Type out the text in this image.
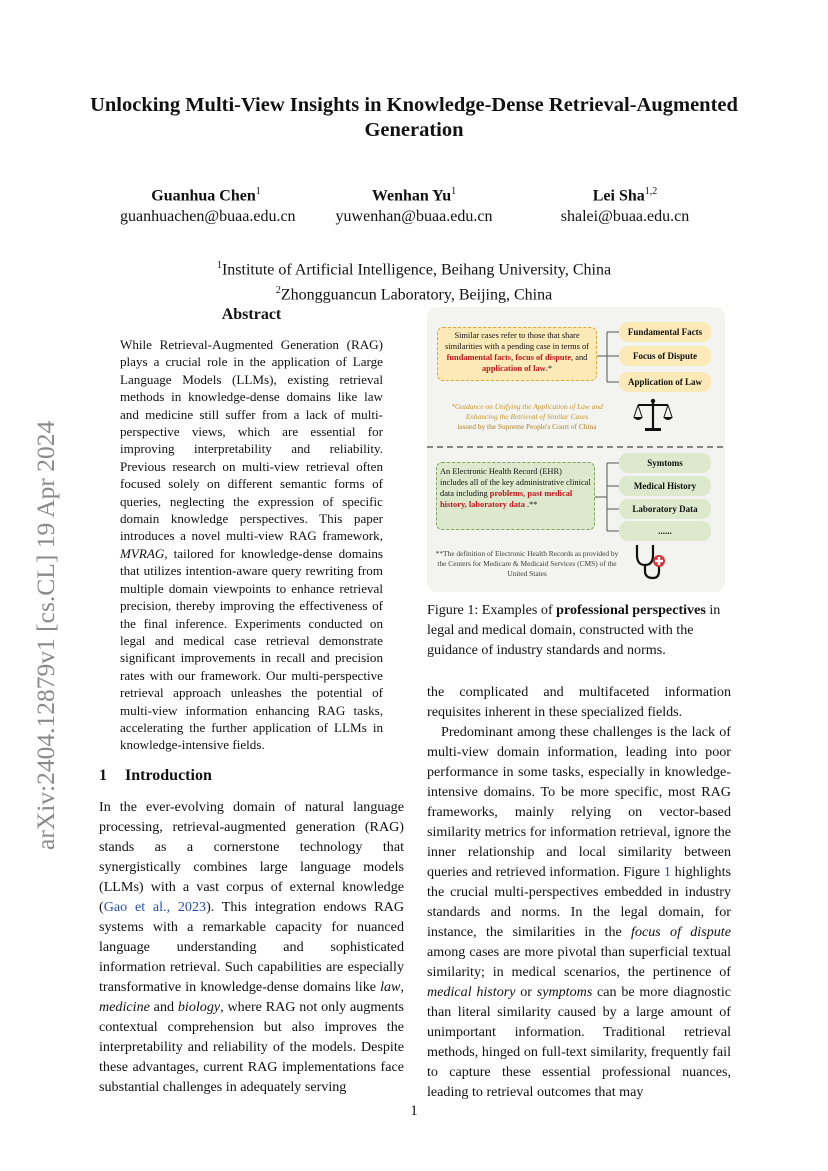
arXiv:2404.12879v1 [cs.CL] 19 Apr 2024
Unlocking Multi-View Insights in Knowledge-Dense Retrieval-Augmented
Generation
Guanhua Chen$^1$
guanhuachen@buaa.edu.cn
Wenhan Yu$^1$
yuwenhan@buaa.edu.cn
Lei Sha$^{1,2}$
shalei@buaa.edu.cn
$^1$Institute of Artificial Intelligence, Beihang University, China
$^2$Zhongguancun Laboratory, Beijing, China
Abstract
While Retrieval-Augmented Generation (RAG) plays a crucial role in the application of Large Language Models (LLMs), existing retrieval methods in knowledge-dense domains like law and medicine still suffer from a lack of multi-perspective views, which are essential for improving interpretability and reliability. Previous research on multi-view retrieval often focused solely on different semantic forms of queries, neglecting the expression of specific domain knowledge perspectives. This paper introduces a novel multi-view RAG framework, MVRAG, tailored for knowledge-dense domains that utilizes intention-aware query rewriting from multiple domain viewpoints to enhance retrieval precision, thereby improving the effectiveness of the final inference. Experiments conducted on legal and medical case retrieval demonstrate significant improvements in recall and precision rates with our framework. Our multi-perspective retrieval approach unleashes the potential of multi-view information enhancing RAG tasks, accelerating the further application of LLMs in knowledge-intensive fields.
1 Introduction
In the ever-evolving domain of natural language processing, retrieval-augmented generation (RAG) stands as a cornerstone technology that synergistically combines large language models (LLMs) with a vast corpus of external knowledge (Gao et al., 2023). This integration endows RAG systems with a remarkable capacity for nuanced language understanding and sophisticated information retrieval. Such capabilities are especially transformative in knowledge-dense domains like law, medicine and biology, where RAG not only augments contextual comprehension but also improves the interpretability and reliability of the models. Despite these advantages, current RAG implementations face substantial challenges in adequately serving
Similar cases refer to those that share similarities with a pending case in terms of fundamental facts, focus of dispute, and application of law.*
Fundamental Facts
Focus of Dispute
Application of Law
*Guidance on Unifying the Application of Law and Enhancing the Retrieval of Similar Cases
issued by the Supreme People's Court of China
An Electronic Health Record (EHR) includes all of the key administrative clinical data including problems, past medical history, laboratory data .**
Symtoms
Medical History
Laboratory Data
......
**The definition of Electronic Health Records as provided by the Centers for Medicare & Medicaid Services (CMS) of the United States
Figure 1: Examples of professional perspectives in legal and medical domain, constructed with the guidance of industry standards and norms.

the complicated and multifaceted information requisites inherent in these specialized fields.

Predominant among these challenges is the lack of multi-view domain information, leading into poor performance in some tasks, especially in knowledge-intensive domains. To be more specific, most RAG frameworks, mainly relying on vector-based similarity metrics for information retrieval, ignore the inner relationship and local similarity between queries and retrieved information. Figure 1 highlights the crucial multi-perspectives embedded in industry standards and norms. In the legal domain, for instance, the similarities in the focus of dispute among cases are more pivotal than superficial textual similarity; in medical scenarios, the pertinence of medical history or symptoms can be more diagnostic than literal similarity caused by a large amount of unimportant information. Traditional retrieval methods, hinged on full-text similarity, frequently fail to capture these essential professional nuances, leading to retrieval outcomes that may

1
